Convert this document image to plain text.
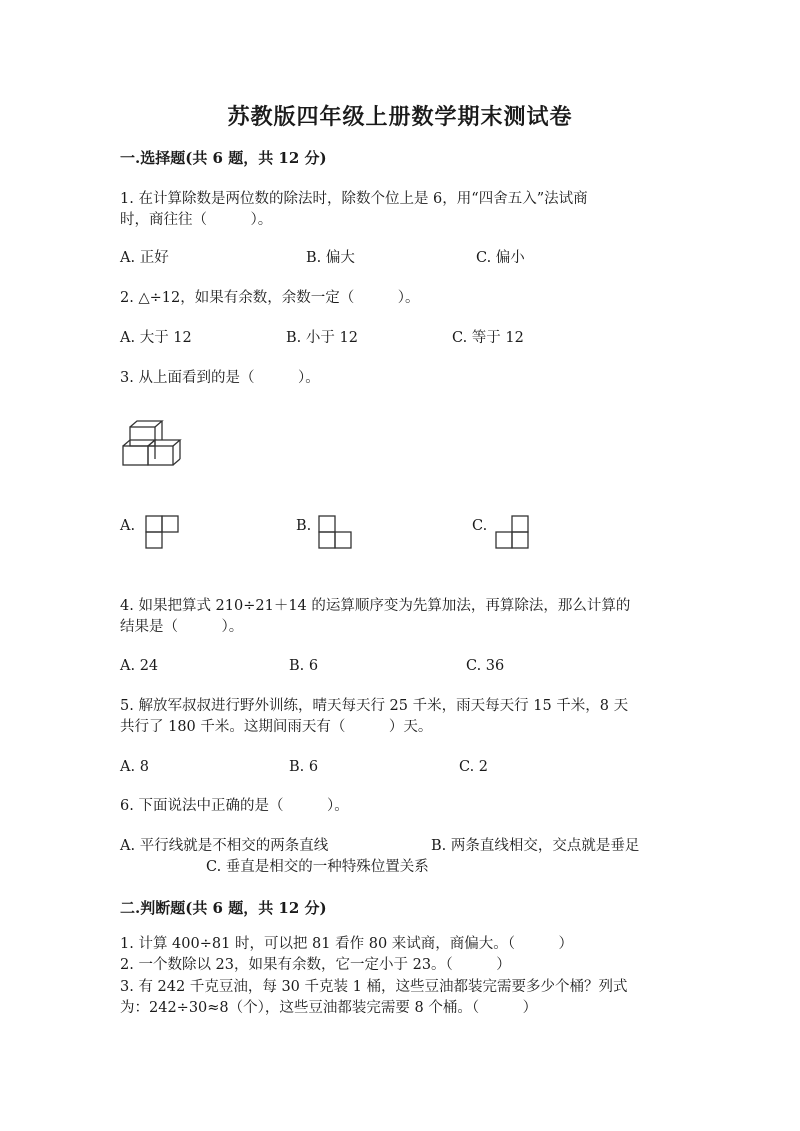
苏教版四年级上册数学期末测试卷
一.选择题(共 6 题，共 12 分)
1. 在计算除数是两位数的除法时，除数个位上是 6，用“四舍五入”法试商
时，商往往（　　　）。
A. 正好	B. 偏大	C. 偏小
2. △÷12，如果有余数，余数一定（　　　）。
A. 大于 12	B. 小于 12	C. 等于 12
3. 从上面看到的是（　　　）。
A.	B.	C.
4. 如果把算式 210÷21＋14 的运算顺序变为先算加法，再算除法，那么计算的
结果是（　　　）。
A. 24	B. 6	C. 36
5. 解放军叔叔进行野外训练，晴天每天行 25 千米，雨天每天行 15 千米，8 天
共行了 180 千米。这期间雨天有（　　　）天。
A. 8	B. 6	C. 2
6. 下面说法中正确的是（　　　）。
A. 平行线就是不相交的两条直线	B. 两条直线相交，交点就是垂足
C. 垂直是相交的一种特殊位置关系
二.判断题(共 6 题，共 12 分)
1. 计算 400÷81 时，可以把 81 看作 80 来试商，商偏大。（　　　）
2. 一个数除以 23，如果有余数，它一定小于 23。（　　　）
3. 有 242 千克豆油，每 30 千克装 1 桶，这些豆油都装完需要多少个桶？列式
为：242÷30≈8（个），这些豆油都装完需要 8 个桶。（　　　）
